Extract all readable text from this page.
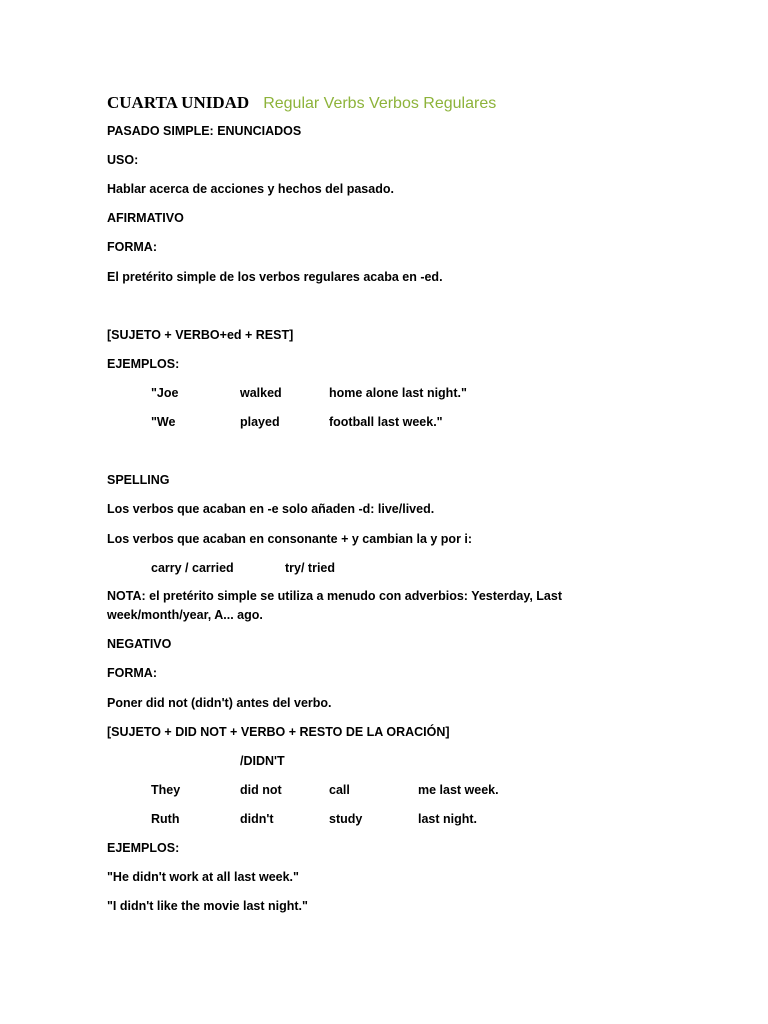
CUARTA UNIDAD Regular Verbs Verbos Regulares
PASADO SIMPLE: ENUNCIADOS
USO:
Hablar acerca de acciones y hechos del pasado.
AFIRMATIVO
FORMA:
El pretérito simple de los verbos regulares acaba en -ed.
[SUJETO + VERBO+ed + REST]
EJEMPLOS:
"Joe	walked	home alone last night."
"We	played	football last week."
SPELLING
Los verbos que acaban en -e solo añaden -d: live/lived.
Los verbos que acaban en consonante + y cambian la y por i:
carry / carried	try/ tried
NOTA: el pretérito simple se utiliza a menudo con adverbios: Yesterday, Last week/month/year, A... ago.
NEGATIVO
FORMA:
Poner did not (didn't) antes del verbo.
[SUJETO + DID NOT + VERBO + RESTO DE LA ORACIÓN]
/DIDN'T
They	did not	call	me last week.
Ruth	didn't	study	last night.
EJEMPLOS:
"He didn't work at all last week."
"I didn't like the movie last night."
